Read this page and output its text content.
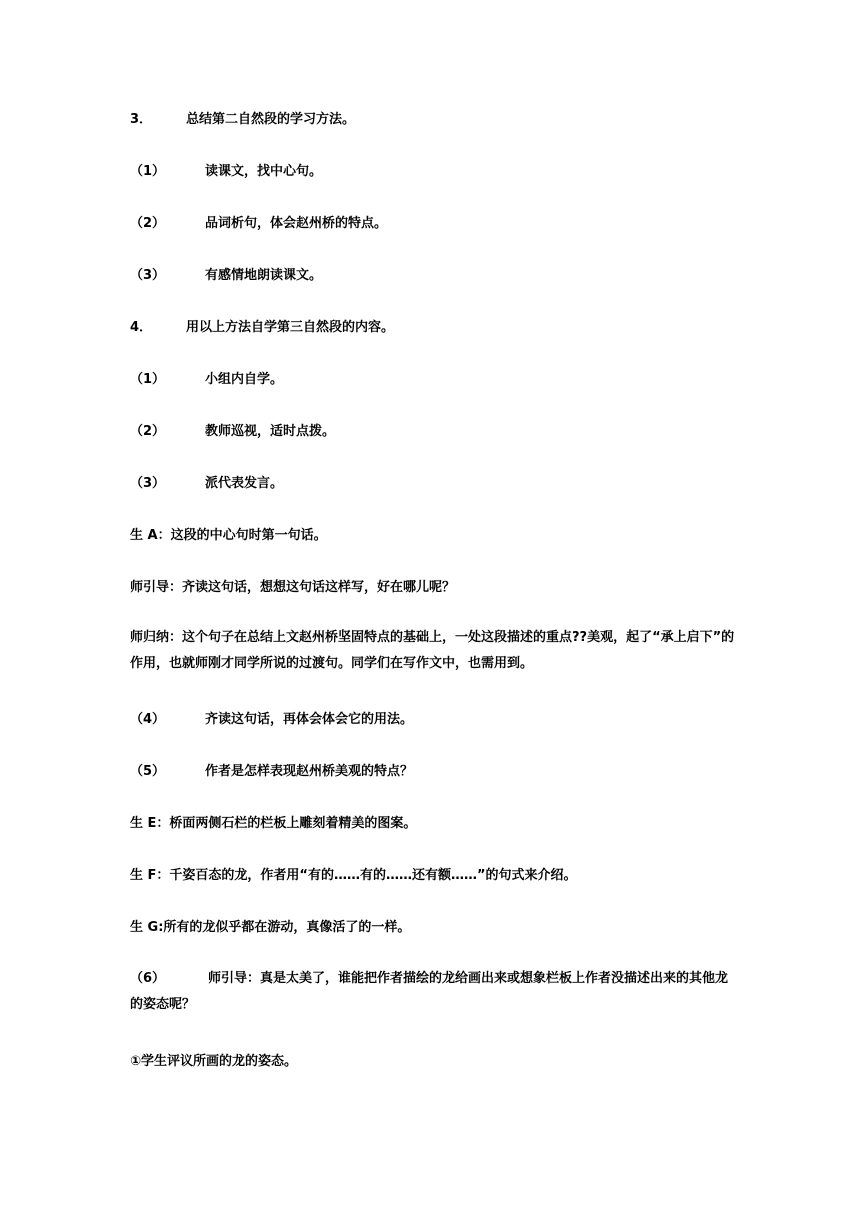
3．	总结第二自然段的学习方法。
（1）	读课文，找中心句。
（2）	品词析句，体会赵州桥的特点。
（3）	有感情地朗读课文。
4．	用以上方法自学第三自然段的内容。
（1）	小组内自学。
（2）	教师巡视，适时点拨。
（3）	派代表发言。
生 A：这段的中心句时第一句话。
师引导：齐读这句话，想想这句话这样写，好在哪儿呢？
师归纳：这个句子在总结上文赵州桥坚固特点的基础上，一处这段描述的重点??美观，起了“承上启下”的作用，也就师刚才同学所说的过渡句。同学们在写作文中，也需用到。
（4）	齐读这句话，再体会体会它的用法。
（5）	作者是怎样表现赵州桥美观的特点？
生 E：桥面两侧石栏的栏板上雕刻着精美的图案。
生 F：千姿百态的龙，作者用“有的……有的……还有额……”的句式来介绍。
生 G:所有的龙似乎都在游动，真像活了的一样。
（6）	师引导：真是太美了，谁能把作者描绘的龙给画出来或想象栏板上作者没描述出来的其他龙的姿态呢？
①学生评议所画的龙的姿态。
